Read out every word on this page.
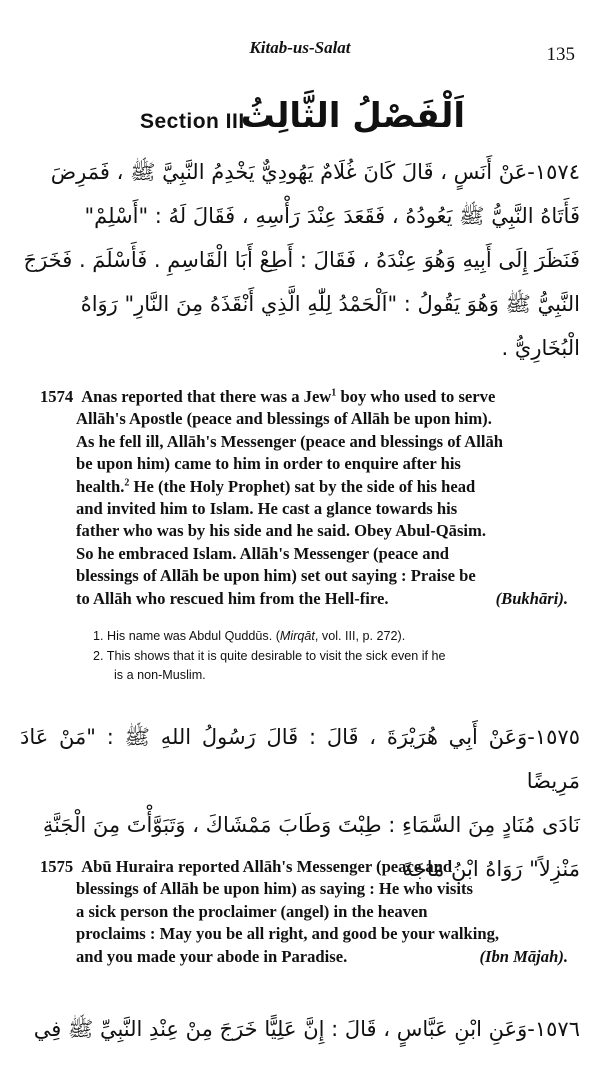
Kitab-us-Salat	135
Section III
اَلْفَصْلُ الثَّالِثُ
١٥٧٤-عَنْ أَنَسٍ ، قَالَ كَانَ غُلَامٌ يَهُودِيٌّ يَخْدِمُ النَّبِيَّ ﷺ ، فَمَرِضَ
فَأَتَاهُ النَّبِيُّ ﷺ يَعُودُهُ ، فَقَعَدَ عِنْدَ رَأْسِهِ ، فَقَالَ لَهُ : "أَسْلِمْ"
فَنَظَرَ إِلَى أَبِيهِ وَهُوَ عِنْدَهُ ، فَقَالَ : أَطِعْ أَبَا الْقَاسِمِ . فَأَسْلَمَ . فَخَرَجَ
النَّبِيُّ ﷺ وَهُوَ يَقُولُ : "اَلْحَمْدُ لِلّٰهِ الَّذِي أَنْقَذَهُ مِنَ النَّارِ" رَوَاهُ
الْبُخَارِيُّ .
1574 Anas reported that there was a Jew$^1$ boy who used to serve
Allāh's Apostle (peace and blessings of Allāh be upon him).
As he fell ill, Allāh's Messenger (peace and blessings of Allāh
be upon him) came to him in order to enquire after his
health.$^2$ He (the Holy Prophet) sat by the side of his head
and invited him to Islam. He cast a glance towards his
father who was by his side and he said. Obey Abul-Qāsim.
So he embraced Islam. Allāh's Messenger (peace and
blessings of Allāh be upon him) set out saying : Praise be
to Allāh who rescued him from the Hell-fire.	(Bukhāri).
1. His name was Abdul Quddūs. (Mirqāt, vol. III, p. 272).
2. This shows that it is quite desirable to visit the sick even if he
is a non-Muslim.
١٥٧٥-وَعَنْ أَبِي هُرَيْرَةَ ، قَالَ : قَالَ رَسُولُ اللهِ ﷺ : "مَنْ عَادَ مَرِيضًا
نَادَى مُنَادٍ مِنَ السَّمَاءِ : طِبْتَ وَطَابَ مَمْشَاكَ ، وَتَبَوَّأْتَ مِنَ الْجَنَّةِ
مَنْزِلاً" رَوَاهُ ابْنُ مَاجَةَ
1575 Abū Huraira reported Allāh's Messenger (peace and
blessings of Allāh be upon him) as saying : He who visits
a sick person the proclaimer (angel) in the heaven
proclaims : May you be all right, and good be your walking,
and you made your abode in Paradise.	(Ibn Mājah).
١٥٧٦-وَعَنِ ابْنِ عَبَّاسٍ ، قَالَ : إِنَّ عَلِيًّا خَرَجَ مِنْ عِنْدِ النَّبِيِّ ﷺ فِي
